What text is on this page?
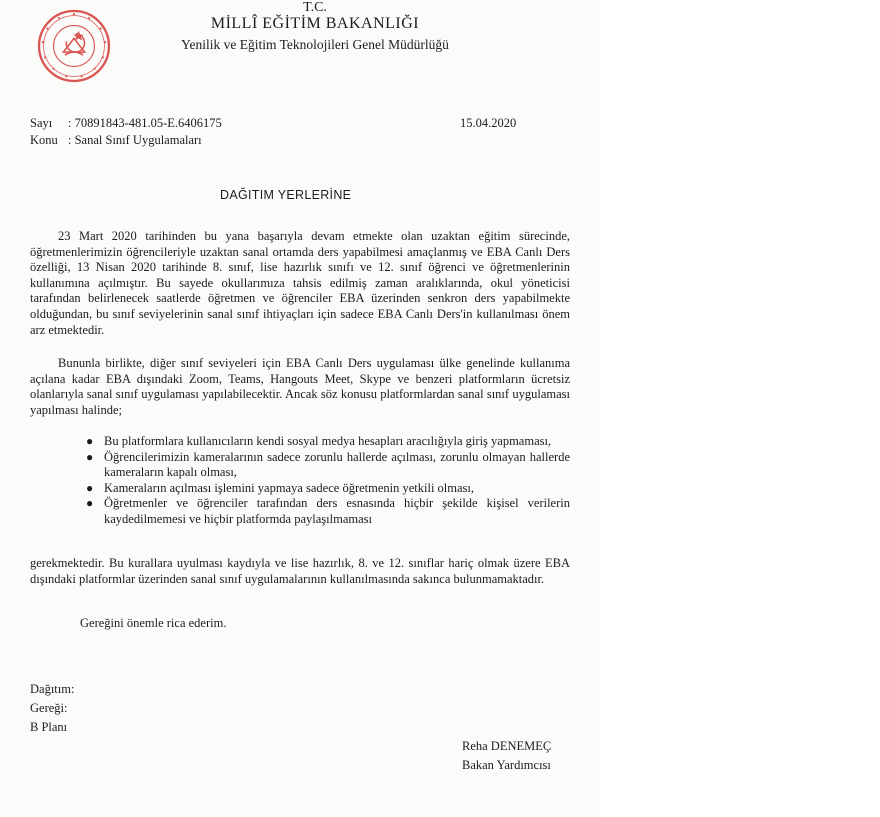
T.C.
MİLLÎ EĞİTİM BAKANLIĞI
Yenilik ve Eğitim Teknolojileri Genel Müdürlüğü
Sayı : 70891843-481.05-E.6406175
Konu : Sanal Sınıf Uygulamaları
15.04.2020
DAĞITIM YERLERİNE

23 Mart 2020 tarihinden bu yana başarıyla devam etmekte olan uzaktan eğitim sürecinde, öğretmenlerimizin öğrencileriyle uzaktan sanal ortamda ders yapabilmesi amaçlanmış ve EBA Canlı Ders özelliği, 13 Nisan 2020 tarihinde 8. sınıf, lise hazırlık sınıfı ve 12. sınıf öğrenci ve öğretmenlerinin kullanımına açılmıştır. Bu sayede okullarımıza tahsis edilmiş zaman aralıklarında, okul yöneticisi tarafından belirlenecek saatlerde öğretmen ve öğrenciler EBA üzerinden senkron ders yapabilmekte olduğundan, bu sınıf seviyelerinin sanal sınıf ihtiyaçları için sadece EBA Canlı Ders'in kullanılması önem arz etmektedir.

Bununla birlikte, diğer sınıf seviyeleri için EBA Canlı Ders uygulaması ülke genelinde kullanıma açılana kadar EBA dışındaki Zoom, Teams, Hangouts Meet, Skype ve benzeri platformların ücretsiz olanlarıyla sanal sınıf uygulaması yapılabilecektir. Ancak söz konusu platformlardan sanal sınıf uygulaması yapılması halinde;

● Bu platformlara kullanıcıların kendi sosyal medya hesapları aracılığıyla giriş yapmaması,
● Öğrencilerimizin kameralarının sadece zorunlu hallerde açılması, zorunlu olmayan hallerde kameraların kapalı olması,
● Kameraların açılması işlemini yapmaya sadece öğretmenin yetkili olması,
● Öğretmenler ve öğrenciler tarafından ders esnasında hiçbir şekilde kişisel verilerin kaydedilmemesi ve hiçbir platformda paylaşılmaması

gerekmektedir. Bu kurallara uyulması kaydıyla ve lise hazırlık, 8. ve 12. sınıflar hariç olmak üzere EBA dışındaki platformlar üzerinden sanal sınıf uygulamalarının kullanılmasında sakınca bulunmamaktadır.

Gereğini önemle rica ederim.
Dağıtım:
Gereği:
B Planı
Reha DENEMEÇ
Bakan Yardımcısı
